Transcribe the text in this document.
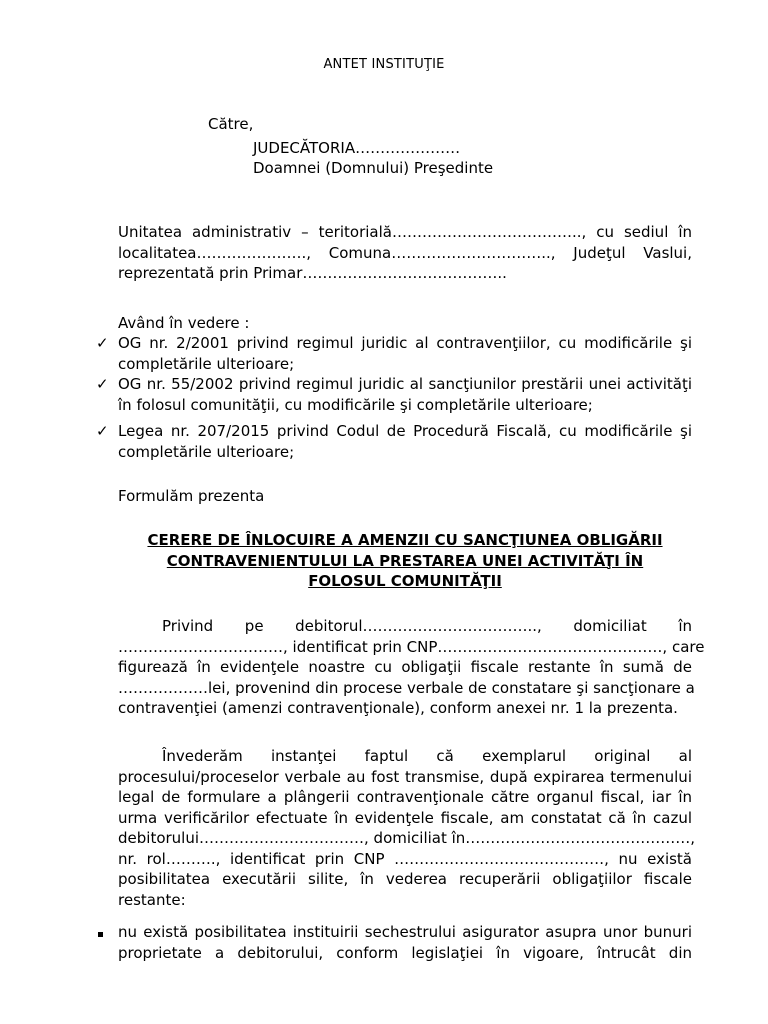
ANTET INSTITUŢIE
Către,
JUDECĂTORIA…………………
Doamnei (Domnului) Preşedinte
Unitatea administrativ – teritorială……………………………….., cu sediul în
localitatea…………………., Comuna………………………….., Judeţul Vaslui,
reprezentată prin Primar…………………………………..
Având în vedere :
✓ OG nr. 2/2001 privind regimul juridic al contravenţiilor, cu modificările şi
completările ulterioare;
✓ OG nr. 55/2002 privind regimul juridic al sancţiunilor prestării unei activităţi
în folosul comunităţii, cu modificările şi completările ulterioare;
✓ Legea nr. 207/2015 privind Codul de Procedură Fiscală, cu modificările şi
completările ulterioare;
Formulăm prezenta
CERERE DE ÎNLOCUIRE A AMENZII CU SANCŢIUNEA OBLIGĂRII
CONTRAVENIENTULUI LA PRESTAREA UNEI ACTIVITĂŢI ÎN
FOLOSUL COMUNITĂŢII
Privind pe debitorul…………………………….., domiciliat în
……………………………, identificat prin CNP………………………………………, care
figurează în evidenţele noastre cu obligaţii fiscale restante în sumă de
………………lei, provenind din procese verbale de constatare şi sancţionare a
contravenţiei (amenzi contravenţionale), conform anexei nr. 1 la prezenta.
Învederăm instanţei faptul că exemplarul original al
procesului/proceselor verbale au fost transmise, după expirarea termenului
legal de formulare a plângerii contravenţionale către organul fiscal, iar în
urma verificărilor efectuate în evidenţele fiscale, am constatat că în cazul
debitorului……………………………, domiciliat în………………………………………,
nr. rol………., identificat prin CNP ……………………………………, nu există
posibilitatea executării silite, în vederea recuperării obligaţiilor fiscale
restante:
nu există posibilitatea instituirii sechestrului asigurator asupra unor bunuri
proprietate a debitorului, conform legislaţiei în vigoare, întrucât din
